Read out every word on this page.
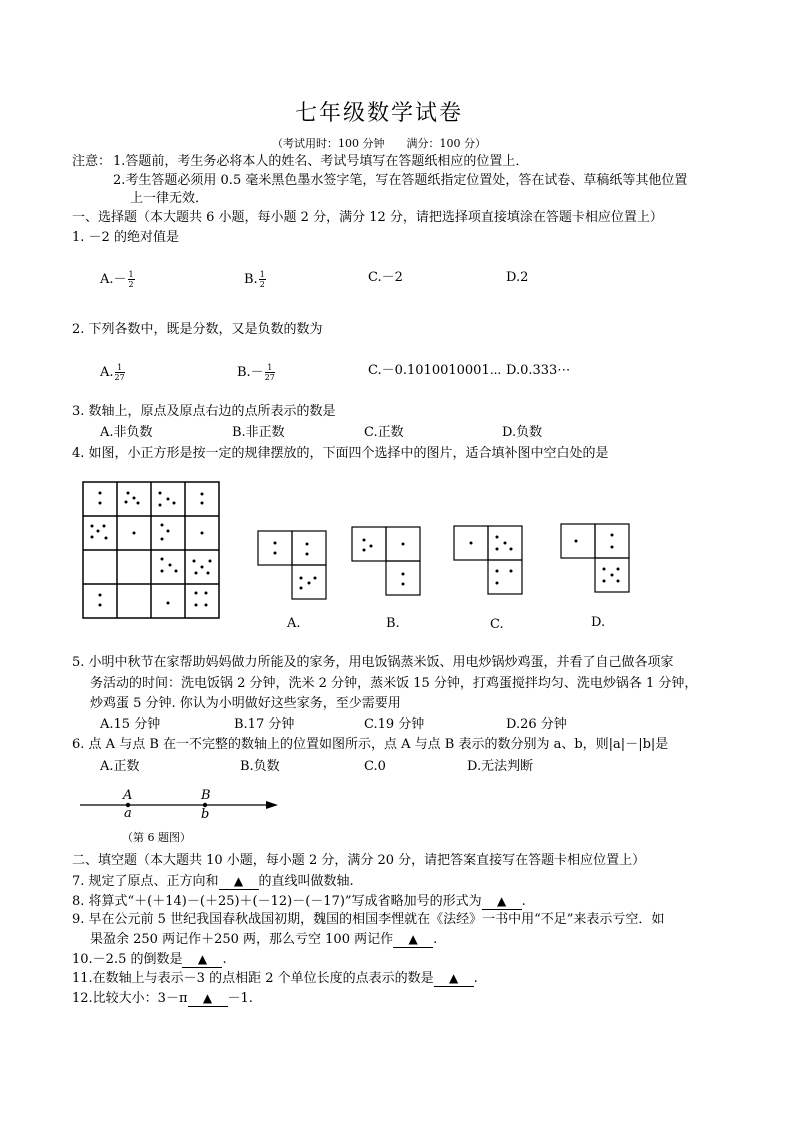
七年级数学试卷
（考试用时：100 分钟　　满分：100 分）
注意： 1.答题前，考生务必将本人的姓名、考试号填写在答题纸相应的位置上．
2.考生答题必须用 0.5 毫米黑色墨水签字笔，写在答题纸指定位置处，答在试卷、草稿纸等其他位置
上一律无效．
一、选择题（本大题共 6 小题，每小题 2 分，满分 12 分，请把选择项直接填涂在答题卡相应位置上）
1. －2 的绝对值是
$A.- \frac{1}{2}$	B. $\frac{1}{2}$	C.－2	D.2
2. 下列各数中，既是分数，又是负数的数为
A. $\frac{1}{27}$	$B.- \frac{1}{27}$	C.－0.1010010001⋯ D.0.333⋯
3. 数轴上，原点及原点右边的点所表示的数是
A.非负数	B.非正数	C.正数	D.负数
4. 如图，小正方形是按一定的规律摆放的，下面四个选择中的图片，适合填补图中空白处的是
A.	B.	C.	D.
5. 小明中秋节在家帮助妈妈做力所能及的家务，用电饭锅蒸米饭、用电炒锅炒鸡蛋，并看了自己做各项家
务活动的时间：洗电饭锅 2 分钟，洗米 2 分钟，蒸米饭 15 分钟，打鸡蛋搅拌均匀、洗电炒锅各 1 分钟，
炒鸡蛋 5 分钟. 你认为小明做好这些家务，至少需要用
A.15 分钟	B.17 分钟	C.19 分钟	D.26 分钟
6. 点 A 与点 B 在一不完整的数轴上的位置如图所示，点 A 与点 B 表示的数分别为 a、b，则|a|－|b|是
A.正数	B.负数	C.0	D.无法判断
A	B
a	b
（第 6 题图）
二、填空题（本大题共 10 小题，每小题 2 分，满分 20 分，请把答案直接写在答题卡相应位置上）
7. 规定了原点、正方向和 ▲ 的直线叫做数轴.
8. 将算式“＋(＋14)－(＋25)＋(－12)－(－17)”写成省略加号的形式为 ▲ .
9. 早在公元前 5 世纪我国春秋战国初期，魏国的相国李悝就在《法经》一书中用“不足”来表示亏空．如
果盈余 250 两记作＋250 两，那么亏空 100 两记作 ▲ .
10.－2.5 的倒数是 ▲ .
11.在数轴上与表示－3 的点相距 2 个单位长度的点表示的数是 ▲ .
12.比较大小：3－π ▲ －1.
